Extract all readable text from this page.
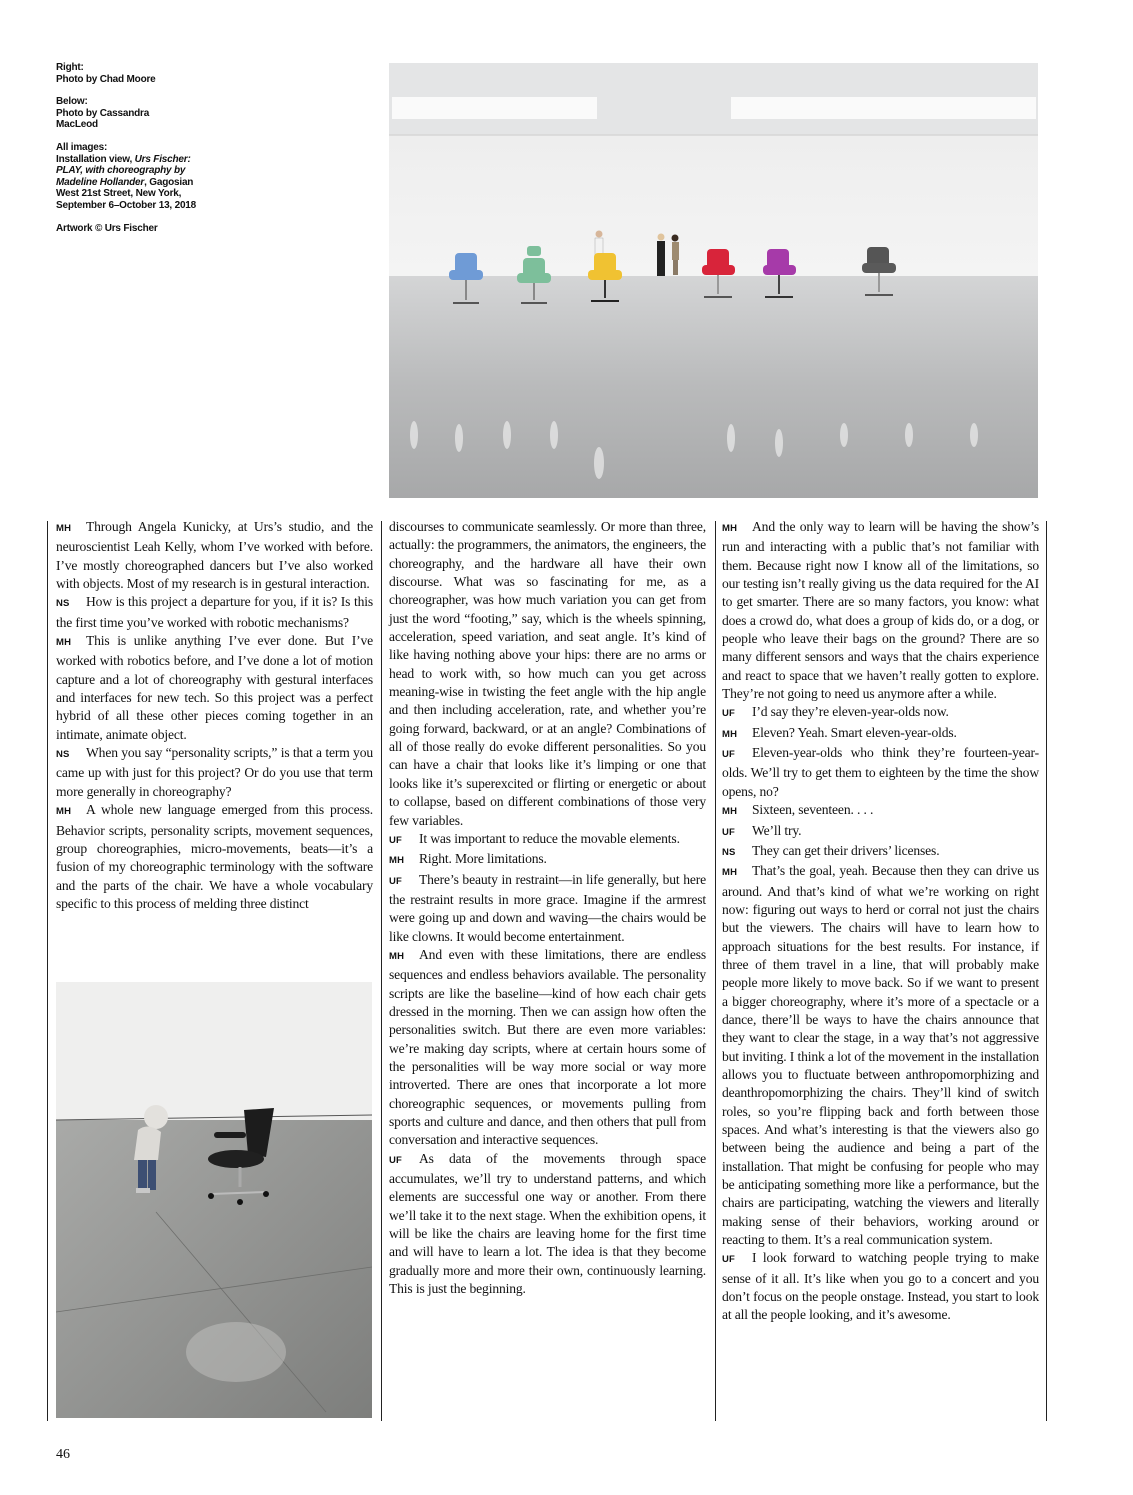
Right:
Photo by Chad Moore

Below:
Photo by Cassandra MacLeod

All images:
Installation view, Urs Fischer: PLAY, with choreography by Madeline Hollander, Gagosian West 21st Street, New York, September 6–October 13, 2018

Artwork © Urs Fischer

MH Through Angela Kunicky, at Urs’s studio, and the neuroscientist Leah Kelly, whom I’ve worked with before. I’ve mostly choreographed dancers but I’ve also worked with objects. Most of my research is in gestural interaction.

NS How is this project a departure for you, if it is? Is this the first time you’ve worked with robotic mechanisms?

MH This is unlike anything I’ve ever done. But I’ve worked with robotics before, and I’ve done a lot of motion capture and a lot of choreography with gestural interfaces and interfaces for new tech. So this project was a perfect hybrid of all these other pieces coming together in an intimate, animate object.

NS When you say “personality scripts,” is that a term you came up with just for this project? Or do you use that term more generally in choreography?

MH A whole new language emerged from this process. Behavior scripts, personality scripts, movement sequences, group choreographies, micro-movements, beats—it’s a fusion of my choreographic terminology with the software and the parts of the chair. We have a whole vocabulary specific to this process of melding three distinct

discourses to communicate seamlessly. Or more than three, actually: the programmers, the animators, the engineers, the choreography, and the hardware all have their own discourse. What was so fascinating for me, as a choreographer, was how much variation you can get from just the word “footing,” say, which is the wheels spinning, acceleration, speed variation, and seat angle. It’s kind of like having nothing above your hips: there are no arms or head to work with, so how much can you get across meaning-wise in twisting the feet angle with the hip angle and then including acceleration, rate, and whether you’re going forward, backward, or at an angle? Combinations of all of those really do evoke different personalities. So you can have a chair that looks like it’s limping or one that looks like it’s superexcited or flirting or energetic or about to collapse, based on different combinations of those very few variables.

UF It was important to reduce the movable elements.

MH Right. More limitations.

UF There’s beauty in restraint—in life generally, but here the restraint results in more grace. Imagine if the armrest were going up and down and waving—the chairs would be like clowns. It would become entertainment.

MH And even with these limitations, there are endless sequences and endless behaviors available. The personality scripts are like the baseline—kind of how each chair gets dressed in the morning. Then we can assign how often the personalities switch. But there are even more variables: we’re making day scripts, where at certain hours some of the personalities will be way more social or way more introverted. There are ones that incorporate a lot more choreographic sequences, or movements pulling from sports and culture and dance, and then others that pull from conversation and interactive sequences.

UF As data of the movements through space accumulates, we’ll try to understand patterns, and which elements are successful one way or another. From there we’ll take it to the next stage. When the exhibition opens, it will be like the chairs are leaving home for the first time and will have to learn a lot. The idea is that they become gradually more and more their own, continuously learning. This is just the beginning.

MH And the only way to learn will be having the show’s run and interacting with a public that’s not familiar with them. Because right now I know all of the limitations, so our testing isn’t really giving us the data required for the AI to get smarter. There are so many factors, you know: what does a crowd do, what does a group of kids do, or a dog, or people who leave their bags on the ground? There are so many different sensors and ways that the chairs experience and react to space that we haven’t really gotten to explore. They’re not going to need us anymore after a while.

UF I’d say they’re eleven-year-olds now.

MH Eleven? Yeah. Smart eleven-year-olds.

UF Eleven-year-olds who think they’re fourteen-year-olds. We’ll try to get them to eighteen by the time the show opens, no?

MH Sixteen, seventeen. . . .

UF We’ll try.

NS They can get their drivers’ licenses.

MH That’s the goal, yeah. Because then they can drive us around. And that’s kind of what we’re working on right now: figuring out ways to herd or corral not just the chairs but the viewers. The chairs will have to learn how to approach situations for the best results. For instance, if three of them travel in a line, that will probably make people more likely to move back. So if we want to present a bigger choreography, where it’s more of a spectacle or a dance, there’ll be ways to have the chairs announce that they want to clear the stage, in a way that’s not aggressive but inviting. I think a lot of the movement in the installation allows you to fluctuate between anthropomorphizing and deanthropomorphizing the chairs. They’ll kind of switch roles, so you’re flipping back and forth between those spaces. And what’s interesting is that the viewers also go between being the audience and being a part of the installation. That might be confusing for people who may be anticipating something more like a performance, but the chairs are participating, watching the viewers and literally making sense of their behaviors, working around or reacting to them. It’s a real communication system.

UF I look forward to watching people trying to make sense of it all. It’s like when you go to a concert and you don’t focus on the people onstage. Instead, you start to look at all the people looking, and it’s awesome.

46
